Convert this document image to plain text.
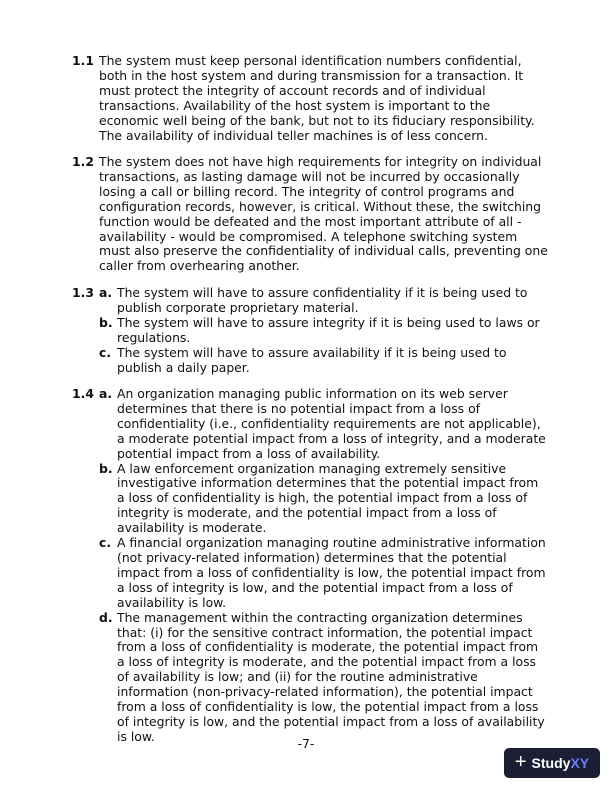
1.1 The system must keep personal identification numbers confidential, both in the host system and during transmission for a transaction. It must protect the integrity of account records and of individual transactions. Availability of the host system is important to the economic well being of the bank, but not to its fiduciary responsibility. The availability of individual teller machines is of less concern.
1.2 The system does not have high requirements for integrity on individual transactions, as lasting damage will not be incurred by occasionally losing a call or billing record. The integrity of control programs and configuration records, however, is critical. Without these, the switching function would be defeated and the most important attribute of all - availability - would be compromised. A telephone switching system must also preserve the confidentiality of individual calls, preventing one caller from overhearing another.
1.3 a. The system will have to assure confidentiality if it is being used to publish corporate proprietary material.
b. The system will have to assure integrity if it is being used to laws or regulations.
c. The system will have to assure availability if it is being used to publish a daily paper.
1.4 a. An organization managing public information on its web server determines that there is no potential impact from a loss of confidentiality (i.e., confidentiality requirements are not applicable), a moderate potential impact from a loss of integrity, and a moderate potential impact from a loss of availability.
b. A law enforcement organization managing extremely sensitive investigative information determines that the potential impact from a loss of confidentiality is high, the potential impact from a loss of integrity is moderate, and the potential impact from a loss of availability is moderate.
c. A financial organization managing routine administrative information (not privacy-related information) determines that the potential impact from a loss of confidentiality is low, the potential impact from a loss of integrity is low, and the potential impact from a loss of availability is low.
d. The management within the contracting organization determines that: (i) for the sensitive contract information, the potential impact from a loss of confidentiality is moderate, the potential impact from a loss of integrity is moderate, and the potential impact from a loss of availability is low; and (ii) for the routine administrative information (non-privacy-related information), the potential impact from a loss of confidentiality is low, the potential impact from a loss of integrity is low, and the potential impact from a loss of availability is low.	-7-
+ StudyXY
